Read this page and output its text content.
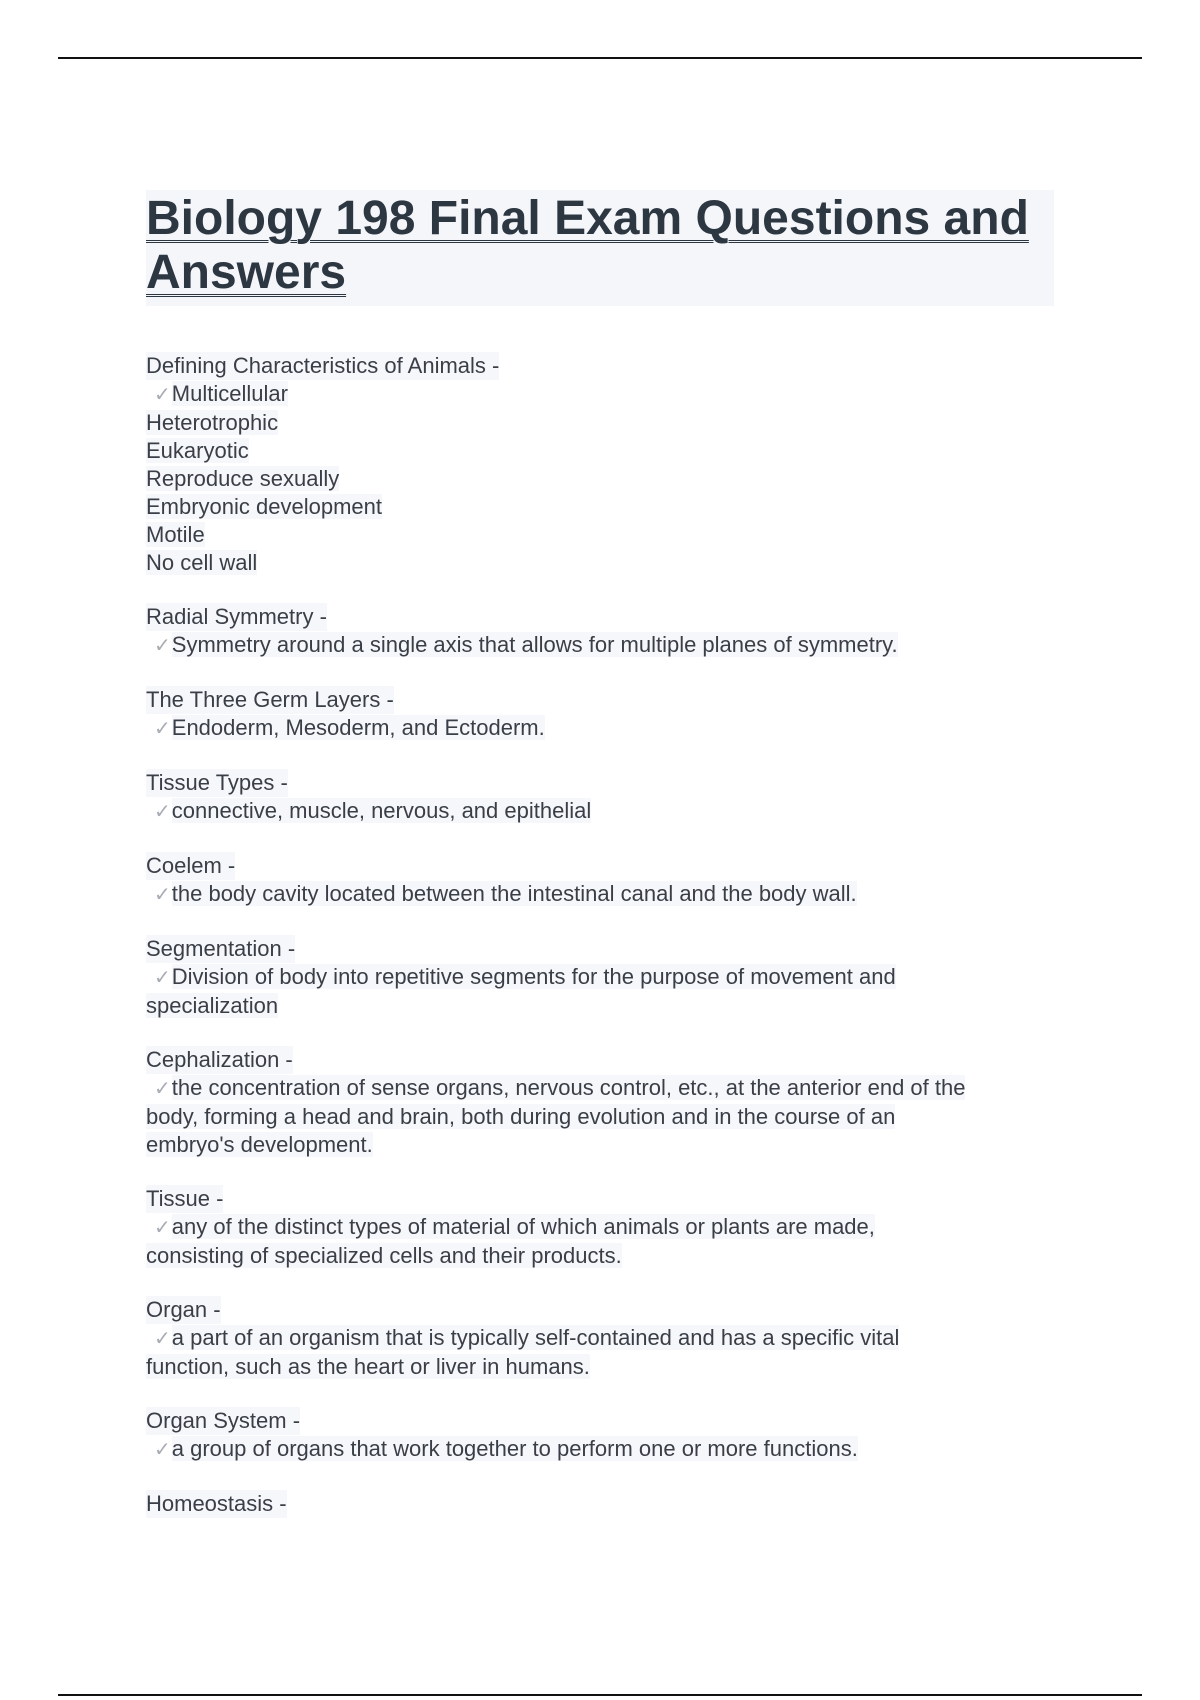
Biology 198 Final Exam Questions and Answers
Defining Characteristics of Animals -
✓Multicellular
Heterotrophic
Eukaryotic
Reproduce sexually
Embryonic development
Motile
No cell wall
Radial Symmetry -
✓Symmetry around a single axis that allows for multiple planes of symmetry.
The Three Germ Layers -
✓Endoderm, Mesoderm, and Ectoderm.
Tissue Types -
✓connective, muscle, nervous, and epithelial
Coelem -
✓the body cavity located between the intestinal canal and the body wall.
Segmentation -
✓Division of body into repetitive segments for the purpose of movement and
specialization
Cephalization -
✓the concentration of sense organs, nervous control, etc., at the anterior end of the
body, forming a head and brain, both during evolution and in the course of an
embryo's development.
Tissue -
✓any of the distinct types of material of which animals or plants are made,
consisting of specialized cells and their products.
Organ -
✓a part of an organism that is typically self-contained and has a specific vital
function, such as the heart or liver in humans.
Organ System -
✓a group of organs that work together to perform one or more functions.
Homeostasis -
